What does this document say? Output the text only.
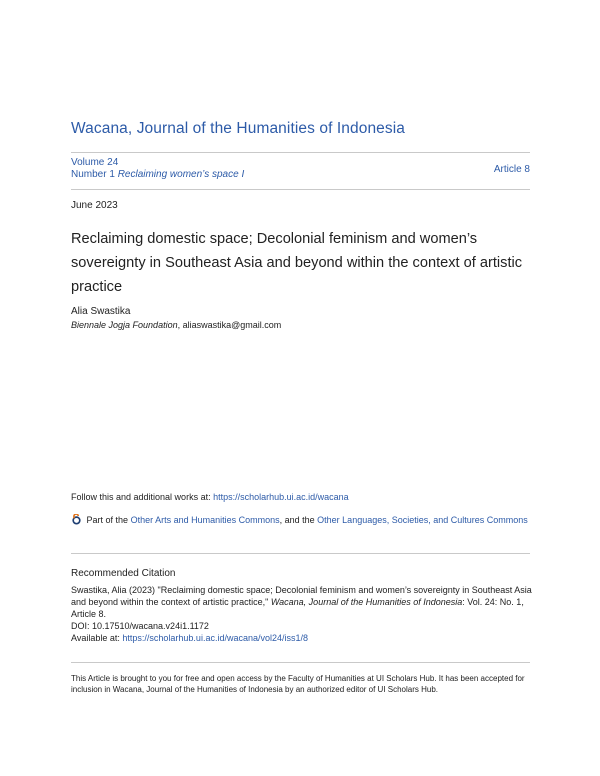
Wacana, Journal of the Humanities of Indonesia
Volume 24
Number 1 Reclaiming women’s space I	Article 8
June 2023
Reclaiming domestic space; Decolonial feminism and women’s sovereignty in Southeast Asia and beyond within the context of artistic practice
Alia Swastika
Biennale Jogja Foundation, aliaswastika@gmail.com
Follow this and additional works at: https://scholarhub.ui.ac.id/wacana
Part of the Other Arts and Humanities Commons, and the Other Languages, Societies, and Cultures Commons
Recommended Citation
Swastika, Alia (2023) "Reclaiming domestic space; Decolonial feminism and women’s sovereignty in Southeast Asia and beyond within the context of artistic practice," Wacana, Journal of the Humanities of Indonesia: Vol. 24: No. 1, Article 8.
DOI: 10.17510/wacana.v24i1.1172
Available at: https://scholarhub.ui.ac.id/wacana/vol24/iss1/8
This Article is brought to you for free and open access by the Faculty of Humanities at UI Scholars Hub. It has been accepted for inclusion in Wacana, Journal of the Humanities of Indonesia by an authorized editor of UI Scholars Hub.
